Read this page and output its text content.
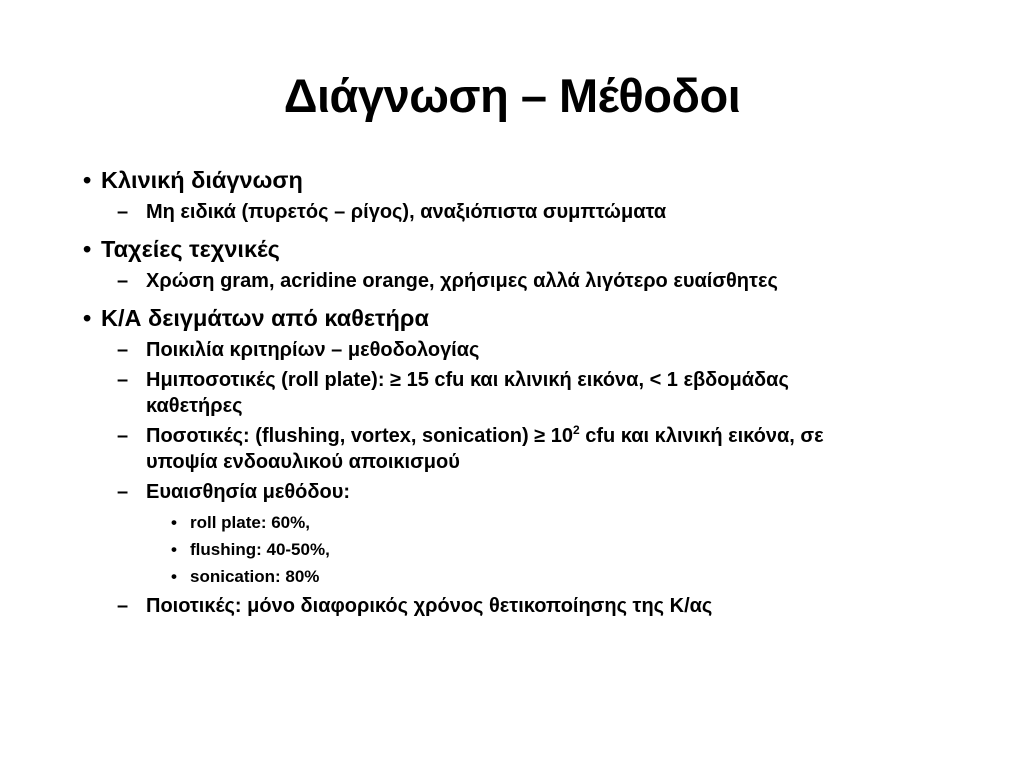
Διάγνωση – Μέθοδοι
• Κλινική διάγνωση
– Μη ειδικά (πυρετός – ρίγος), αναξιόπιστα συμπτώματα
• Ταχείες τεχνικές
– Χρώση gram, acridine orange, χρήσιμες αλλά λιγότερο ευαίσθητες
• Κ/Α δειγμάτων από καθετήρα
– Ποικιλία κριτηρίων – μεθοδολογίας
– Ημιποσοτικές (roll plate): ≥ 15 cfu και κλινική εικόνα, < 1 εβδομάδας καθετήρες
– Ποσοτικές: (flushing, vortex, sonication) ≥ $10^2$ cfu και κλινική εικόνα, σε υποψία ενδοαυλικού αποικισμού
– Ευαισθησία μεθόδου:
• roll plate: 60%,
• flushing: 40-50%,
• sonication: 80%
– Ποιοτικές: μόνο διαφορικός χρόνος θετικοποίησης της Κ/ας
